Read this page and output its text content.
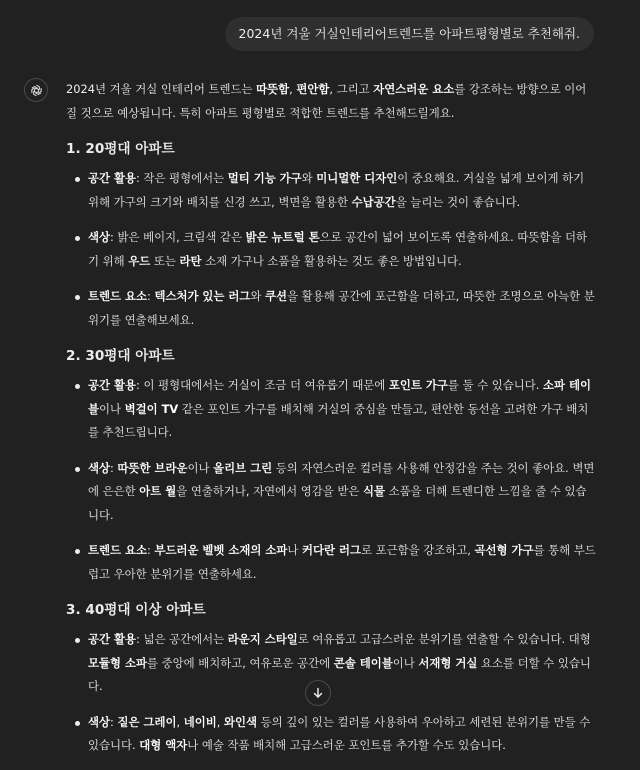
2024년 겨울 거실인테리어트렌드를 아파트평형별로 추천해줘.

2024년 겨울 거실 인테리어 트렌드는 따뜻함, 편안함, 그리고 자연스러운 요소를 강조하는 방향으로 이어질 것으로 예상됩니다. 특히 아파트 평형별로 적합한 트렌드를 추천해드릴게요.

1. 20평대 아파트
공간 활용: 작은 평형에서는 멀티 기능 가구와 미니멀한 디자인이 중요해요. 거실을 넓게 보이게 하기 위해 가구의 크기와 배치를 신경 쓰고, 벽면을 활용한 수납공간을 늘리는 것이 좋습니다.
색상: 밝은 베이지, 크림색 같은 밝은 뉴트럴 톤으로 공간이 넓어 보이도록 연출하세요. 따뜻함을 더하기 위해 우드 또는 라탄 소재 가구나 소품을 활용하는 것도 좋은 방법입니다.
트렌드 요소: 텍스처가 있는 러그와 쿠션을 활용해 공간에 포근함을 더하고, 따뜻한 조명으로 아늑한 분위기를 연출해보세요.
2. 30평대 아파트
공간 활용: 이 평형대에서는 거실이 조금 더 여유롭기 때문에 포인트 가구를 둘 수 있습니다. 소파 테이블이나 벽걸이 TV 같은 포인트 가구를 배치해 거실의 중심을 만들고, 편안한 동선을 고려한 가구 배치를 추천드립니다.
색상: 따뜻한 브라운이나 올리브 그린 등의 자연스러운 컬러를 사용해 안정감을 주는 것이 좋아요. 벽면에 은은한 아트 월을 연출하거나, 자연에서 영감을 받은 식물 소품을 더해 트렌디한 느낌을 줄 수 있습니다.
트렌드 요소: 부드러운 벨벳 소재의 소파나 커다란 러그로 포근함을 강조하고, 곡선형 가구를 통해 부드럽고 우아한 분위기를 연출하세요.
3. 40평대 이상 아파트
공간 활용: 넓은 공간에서는 라운지 스타일로 여유롭고 고급스러운 분위기를 연출할 수 있습니다. 대형 모듈형 소파를 중앙에 배치하고, 여유로운 공간에 콘솔 테이블이나 서재형 거실 요소를 더할 수 있습니다.
색상: 짙은 그레이, 네이비, 와인색 등의 깊이 있는 컬러를 사용하여 우아하고 세련된 분위기를 만들 수 있습니다. 대형 액자나 예술 작품 배치해 고급스러운 포인트를 추가할 수도 있습니다.
